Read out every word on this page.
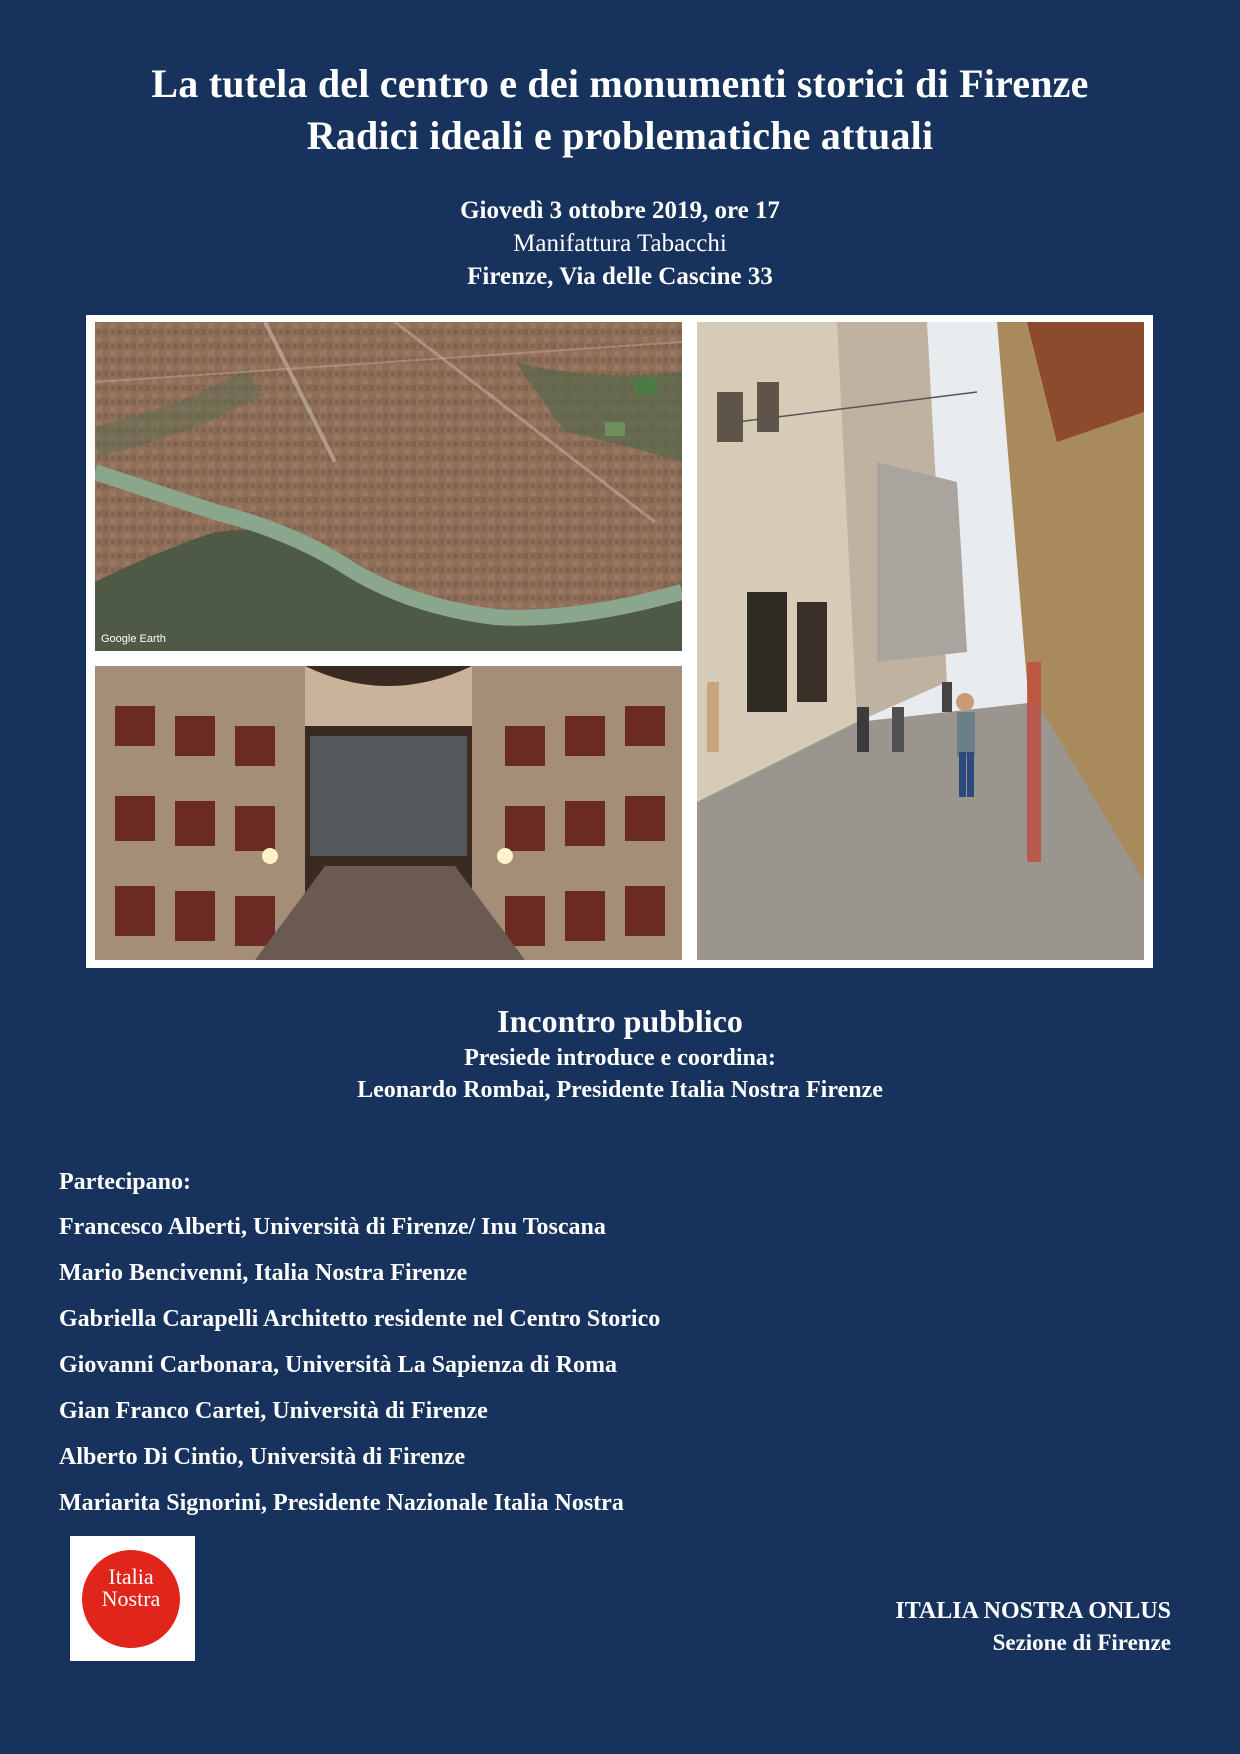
La tutela del centro e dei monumenti storici di Firenze
Radici ideali e problematiche attuali
Giovedì 3 ottobre 2019, ore 17
Manifattura Tabacchi
Firenze, Via delle Cascine 33
Google Earth
Incontro pubblico
Presiede introduce e coordina:
Leonardo Rombai, Presidente Italia Nostra Firenze
Partecipano:
Francesco Alberti, Università di Firenze/ Inu Toscana
Mario Bencivenni, Italia Nostra Firenze
Gabriella Carapelli Architetto residente nel Centro Storico
Giovanni Carbonara, Università La Sapienza di Roma
Gian Franco Cartei, Università di Firenze
Alberto Di Cintio, Università di Firenze
Mariarita Signorini, Presidente Nazionale Italia Nostra
Italia
Nostra	ITALIA NOSTRA ONLUS
Sezione di Firenze
